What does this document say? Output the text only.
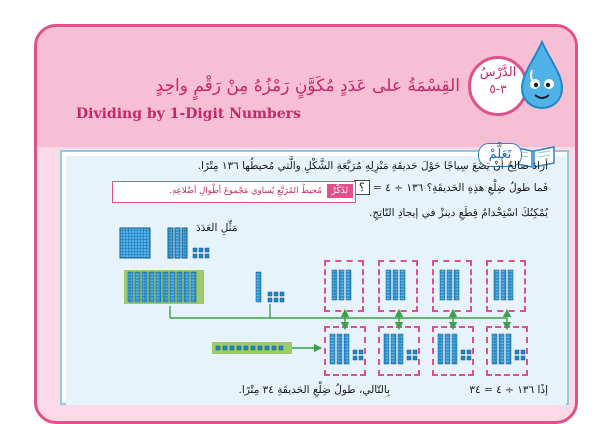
الدَّرْسُ
٣-٥
القِسْمَةُ على عَدَدٍ مُكَوَّنٍ رَمْزُهُ مِنْ رَقْمٍ واحِدٍ
Dividing by 1-Digit Numbers
تَعَلَّمْ
أرادَ صالِحٌ أنْ يَضَعَ سِياجًا حَوْلَ حَديقَةِ مَنْزِلِهِ مُرَبَّعَةِ الشَّكْلِ والَّتي مُحيطُها ١٣٦ مِتْرًا.
فَما طولُ ضِلْعِ هذِهِ الحَديقَةِ؟ ١٣٦ ÷ ٤ = ؟
يُمْكِنُكَ اسْتِخْدامُ قِطَعِ دينزْ في إيجادِ النّاتِجِ.
تَذَكَّرْ مُحيطُ المُرَبَّعِ يُساوي مَجْموعَ أطْوالِ أضْلاعِهِ.
مَثِّلِ العَدَدَ
إذًا ١٣٦ ÷ ٤ = ٣٤
بِالتّالي، طولُ ضِلْعِ الحَديقَةِ ٣٤ مِتْرًا.
